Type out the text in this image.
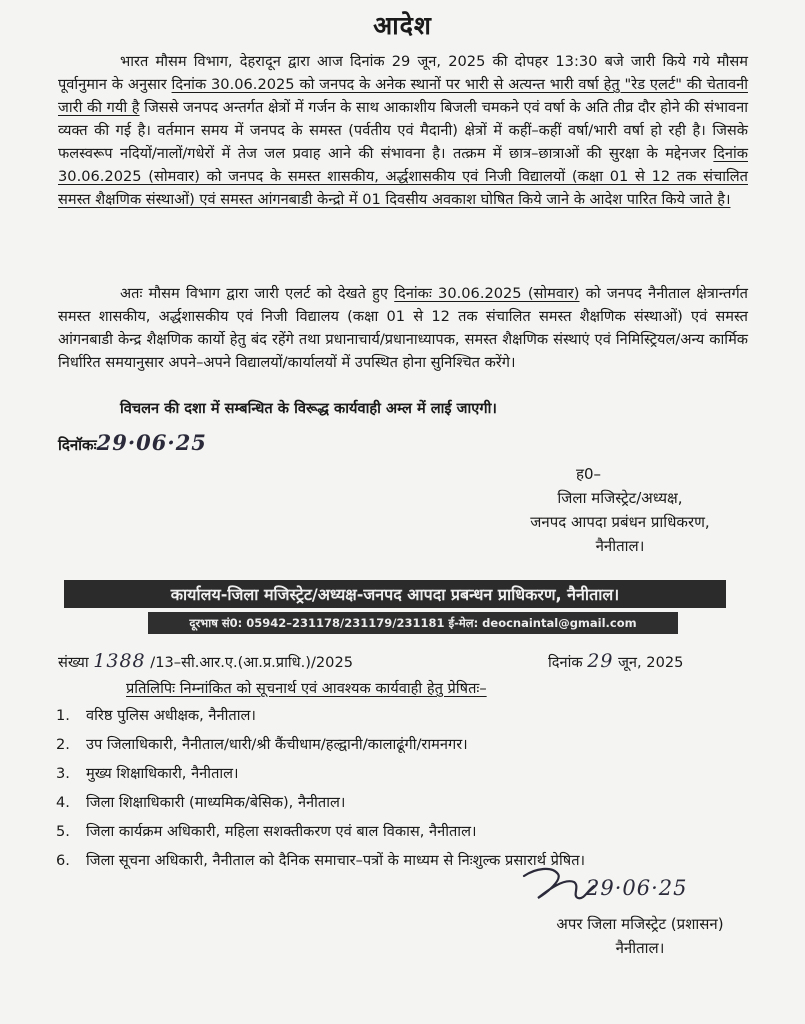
आदेश
भारत मौसम विभाग, देहरादून द्वारा आज दिनांक 29 जून, 2025 की दोपहर 13:30 बजे जारी किये गये मौसम पूर्वानुमान के अनुसार दिनांक 30.06.2025 को जनपद के अनेक स्थानों पर भारी से अत्यन्त भारी वर्षा हेतु "रेड एलर्ट" की चेतावनी जारी की गयी है जिससे जनपद अन्तर्गत क्षेत्रों में गर्जन के साथ आकाशीय बिजली चमकने एवं वर्षा के अति तीव्र दौर होने की संभावना व्यक्त की गई है। वर्तमान समय में जनपद के समस्त (पर्वतीय एवं मैदानी) क्षेत्रों में कहीं–कहीं वर्षा/भारी वर्षा हो रही है। जिसके फलस्वरूप नदियों/नालों/गधेरों में तेज जल प्रवाह आने की संभावना है। तत्क्रम में छात्र–छात्राओं की सुरक्षा के मद्देनजर दिनांक 30.06.2025 (सोमवार) को जनपद के समस्त शासकीय, अर्द्धशासकीय एवं निजी विद्यालयों (कक्षा 01 से 12 तक संचालित समस्त शैक्षणिक संस्थाओं) एवं समस्त आंगनबाडी केन्द्रो में 01 दिवसीय अवकाश घोषित किये जाने के आदेश पारित किये जाते है।
अतः मौसम विभाग द्वारा जारी एलर्ट को देखते हुए दिनांकः 30.06.2025 (सोमवार) को जनपद नैनीताल क्षेत्रान्तर्गत समस्त शासकीय, अर्द्धशासकीय एवं निजी विद्यालय (कक्षा 01 से 12 तक संचालित समस्त शैक्षणिक संस्थाओं) एवं समस्त आंगनबाडी केन्द्र शैक्षणिक कार्यो हेतु बंद रहेंगे तथा प्रधानाचार्य/प्रधानाध्यापक, समस्त शैक्षणिक संस्थाएं एवं निमिस्ट्रियल/अन्य कार्मिक निर्धारित समयानुसार अपने–अपने विद्यालयों/कार्यालयों में उपस्थित होना सुनिश्चित करेंगे।
विचलन की दशा में सम्बन्धित के विरूद्ध कार्यवाही अम्ल में लाई जाएगी।
दिनॉकः29·06·25
ह0–
जिला मजिस्ट्रेट/अध्यक्ष,
जनपद आपदा प्रबंधन प्राधिकरण,
नैनीताल।
कार्यालय-जिला मजिस्ट्रेट/अध्यक्ष-जनपद आपदा प्रबन्धन प्राधिकरण, नैनीताल।
दूरभाष सं0: 05942–231178/231179/231181 ई-मेल: deocnaintal@gmail.com
संख्या 1388 /13–सी.आर.ए.(आ.प्र.प्राधि.)/2025	दिनांक 29 जून, 2025
प्रतिलिपिः निम्नांकित को सूचनार्थ एवं आवश्यक कार्यवाही हेतु प्रेषितः–
1.	वरिष्ठ पुलिस अधीक्षक, नैनीताल।
2.	उप जिलाधिकारी, नैनीताल/धारी/श्री कैंचीधाम/हल्द्वानी/कालाढूंगी/रामनगर।
3.	मुख्य शिक्षाधिकारी, नैनीताल।
4.	जिला शिक्षाधिकारी (माध्यमिक/बेसिक), नैनीताल।
5.	जिला कार्यक्रम अधिकारी, महिला सशक्तीकरण एवं बाल विकास, नैनीताल।
6.	जिला सूचना अधिकारी, नैनीताल को दैनिक समाचार–पत्रों के माध्यम से निःशुल्क प्रसारार्थ प्रेषित।
29·06·25
अपर जिला मजिस्ट्रेट (प्रशासन)
नैनीताल।
